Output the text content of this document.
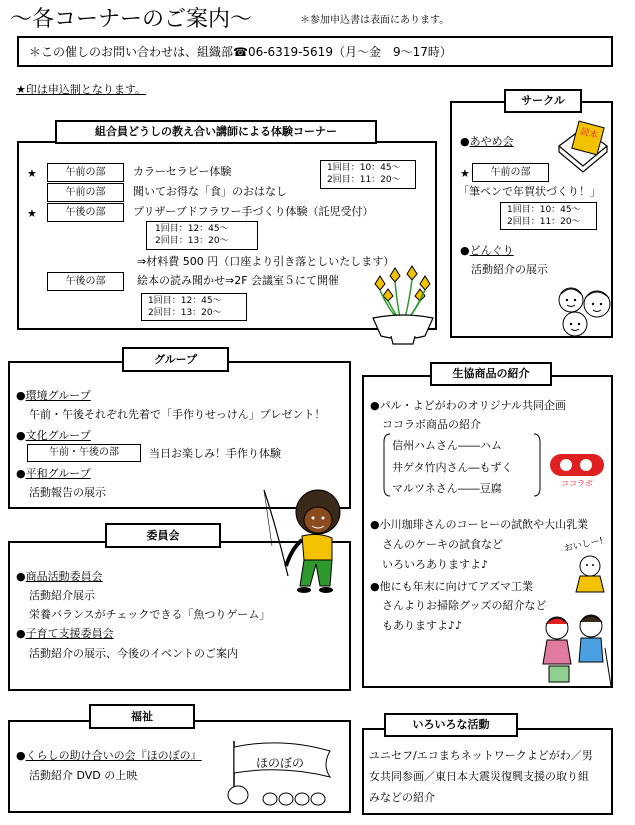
～各コーナーのご案内～	＊参加申込書は表面にあります。
＊この催しのお問い合わせは、組織部☎06-6319-5619（月～金　9～17時）
★印は申込制となります。
組合員どうしの教え合い講師による体験コーナー
★	午前の部	カラーセラピー体験	1回目：10：45～
2回目：11：20～
午前の部	聞いてお得な「食」のおはなし
★	午後の部	プリザーブドフラワー手づくり体験（託児受付）
1回目：12：45～
2回目：13：20～
⇒材料費 500 円（口座より引き落としいたします）
午後の部	絵本の読み聞かせ⇒2F 会議室５にて開催
1回目：12：45～
2回目：13：20～
サークル
● あやめ会
★	午前の部
「筆ペンで年賀状づくり！」
1回目：10：45～
2回目：11：20～
● どんぐり
活動紹介の展示
読本
グループ
● 環境グループ
午前・午後それぞれ先着で「手作りせっけん」プレゼント！
● 文化グループ
午前・午後の部	当日お楽しみ！手作り体験
● 平和グループ
活動報告の展示
委員会
● 商品活動委員会
活動紹介展示
栄養バランスがチェックできる「魚つりゲーム」
● 子育て支援委員会
活動紹介の展示、今後のイベントのご案内
生協商品の紹介
● パル・よどがわのオリジナル共同企画
ココラボ商品の紹介
信州ハムさん――ハム
井ゲタ竹内さん―もずく
マルツネさん――豆腐	ココラボ
● 小川珈琲さんのコーヒーの試飲や大山乳業
さんのケーキの試食など
いろいろありますよ♪
● 他にも年末に向けてアズマ工業
さんよりお掃除グッズの紹介など
もありますよ♪♪
おいしー!
福祉
● くらしの助け合いの会『ほのぼの』
活動紹介 DVD の上映
ほのぼの
いろいろな活動
ユニセフ/エコまちネットワークよどがわ／男
女共同参画／東日本大震災復興支援の取り組
みなどの紹介
